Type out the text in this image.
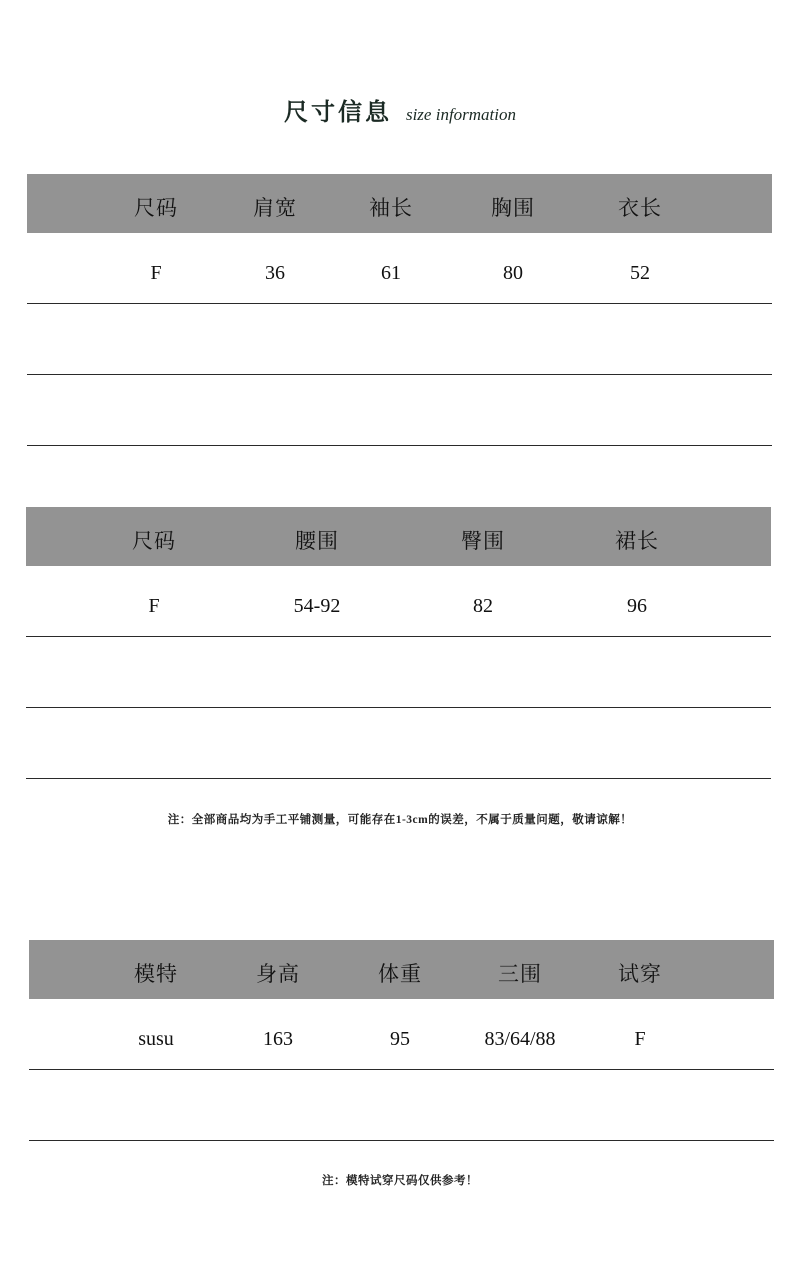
尺寸信息 size information
尺码	肩宽	袖长	胸围	衣长
F	36	61	80	52
尺码	腰围	臀围	裙长
F	54-92	82	96
注：全部商品均为手工平铺测量，可能存在1-3cm的误差，不属于质量问题，敬请谅解！
模特	身高	体重	三围	试穿
susu	163	95	83/64/88	F
注：模特试穿尺码仅供参考！
